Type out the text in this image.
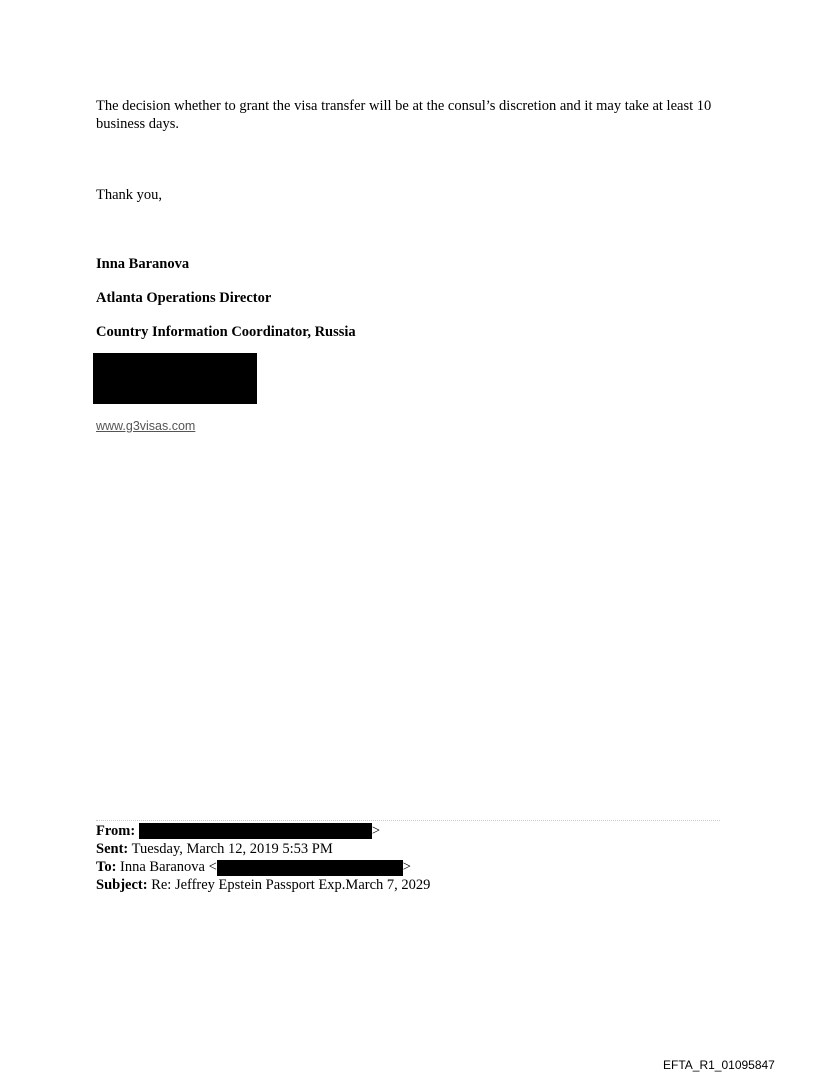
The decision whether to grant the visa transfer will be at the consul’s discretion and it may take at least 10 business days.
Thank you,
Inna Baranova
Atlanta Operations Director
Country Information Coordinator, Russia
www.g3visas.com
From:	>
Sent: Tuesday, March 12, 2019 5:53 PM
To: Inna Baranova <	>
Subject: Re: Jeffrey Epstein Passport Exp.March 7, 2029
EFTA_R1_01095847
